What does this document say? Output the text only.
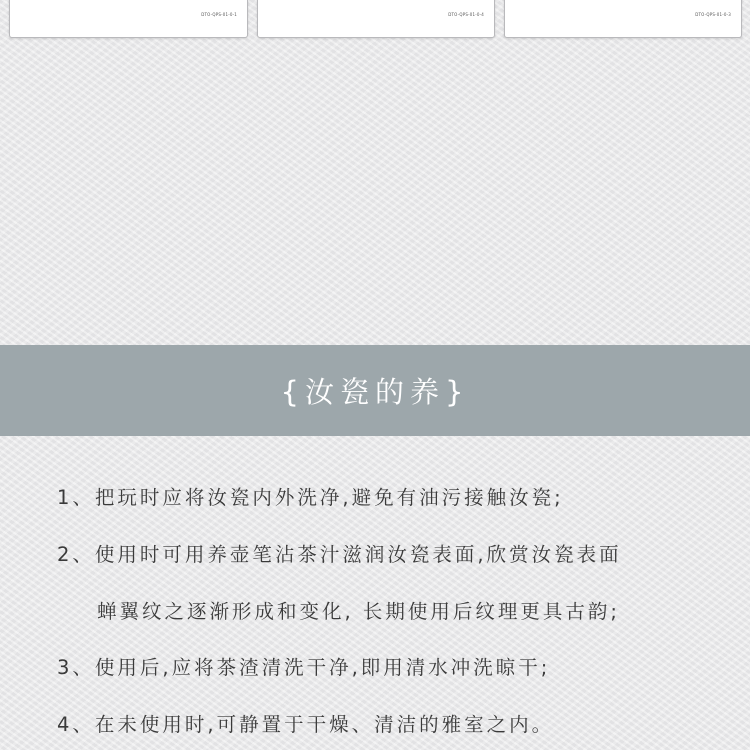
DTO-QPS-01-0-1	DTO-QPS-01-0-4	DTO-QPS-01-0-3
{汝瓷的养}
1、把玩时应将汝瓷内外洗净,避免有油污接触汝瓷;
2、使用时可用养壶笔沾茶汁滋润汝瓷表面,欣赏汝瓷表面
蝉翼纹之逐渐形成和变化, 长期使用后纹理更具古韵;
3、使用后,应将茶渣清洗干净,即用清水冲洗晾干;
4、在未使用时,可静置于干燥、清洁的雅室之内。
